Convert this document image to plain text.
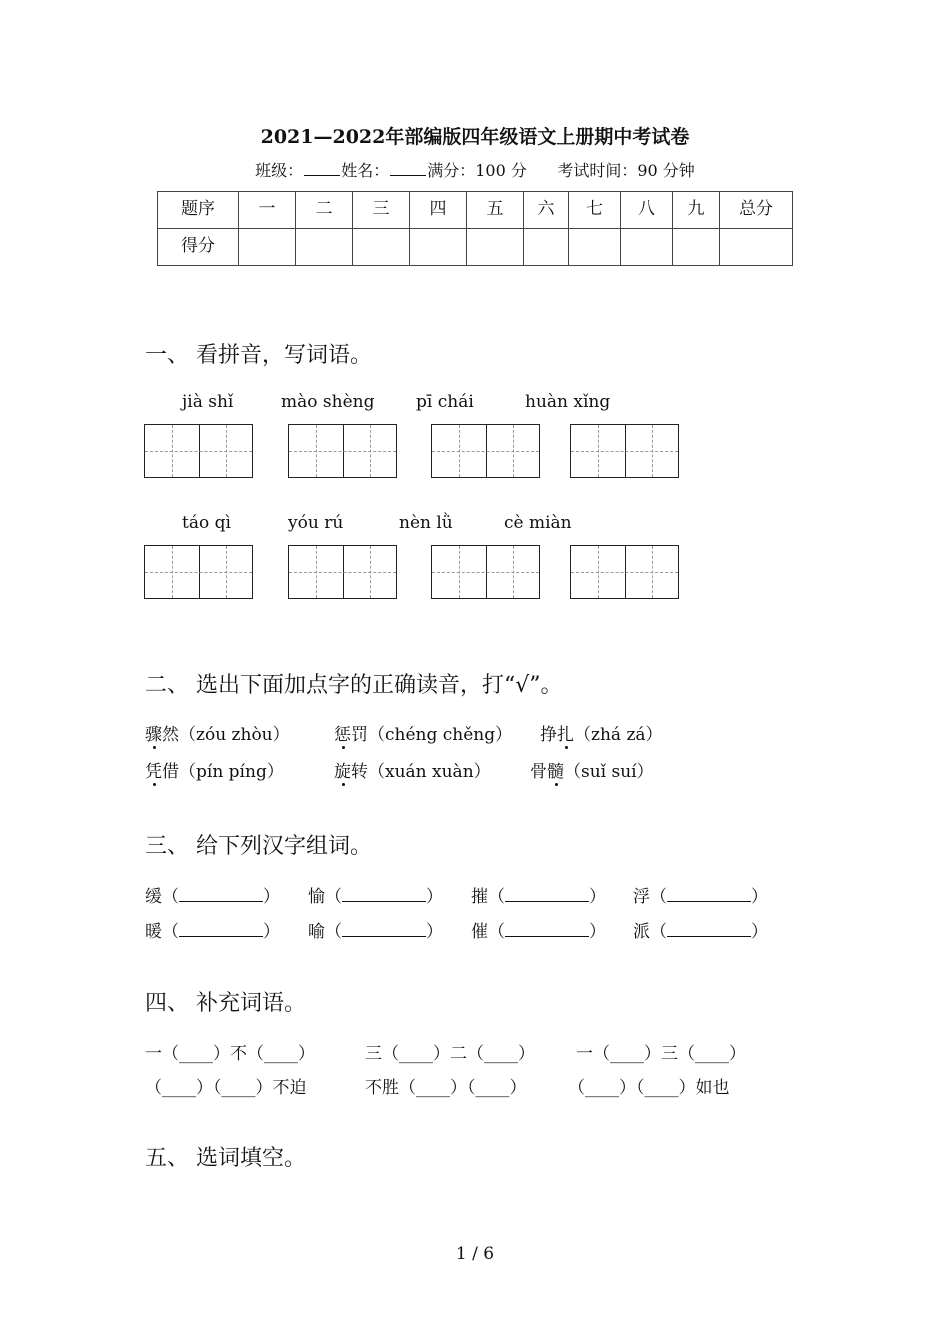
2021—2022年部编版四年级语文上册期中考试卷
班级： 姓名： 满分：100 分 考试时间：90 分钟
题序	一	二	三	四	五	六	七	八	九	总分

得分										

一、 看拼音，写词语。
jià shǐ	mào shèng pī chái	huàn xǐng
táo qì	yóu rú	nèn lǜ	cè miàn
二、 选出下面加点字的正确读音，打“√”。
骤然（zóu zhòu）	惩罚（chéng chěng） 挣扎（zhá zá）
凭借（pín píng）	旋转（xuán xuàn） 骨髓（suǐ suí）
三、 给下列汉字组词。
缓（	） 愉（	） 摧（	） 浮（	）
暖（	） 喻（	） 催（	） 派（	）
四、 补充词语。
一（____）不（____）	三（____）二（____） 一（____）三（____）
（____）（____）不迫	不胜（____）（____） （____）（____）如也
五、 选词填空。
1 / 6
